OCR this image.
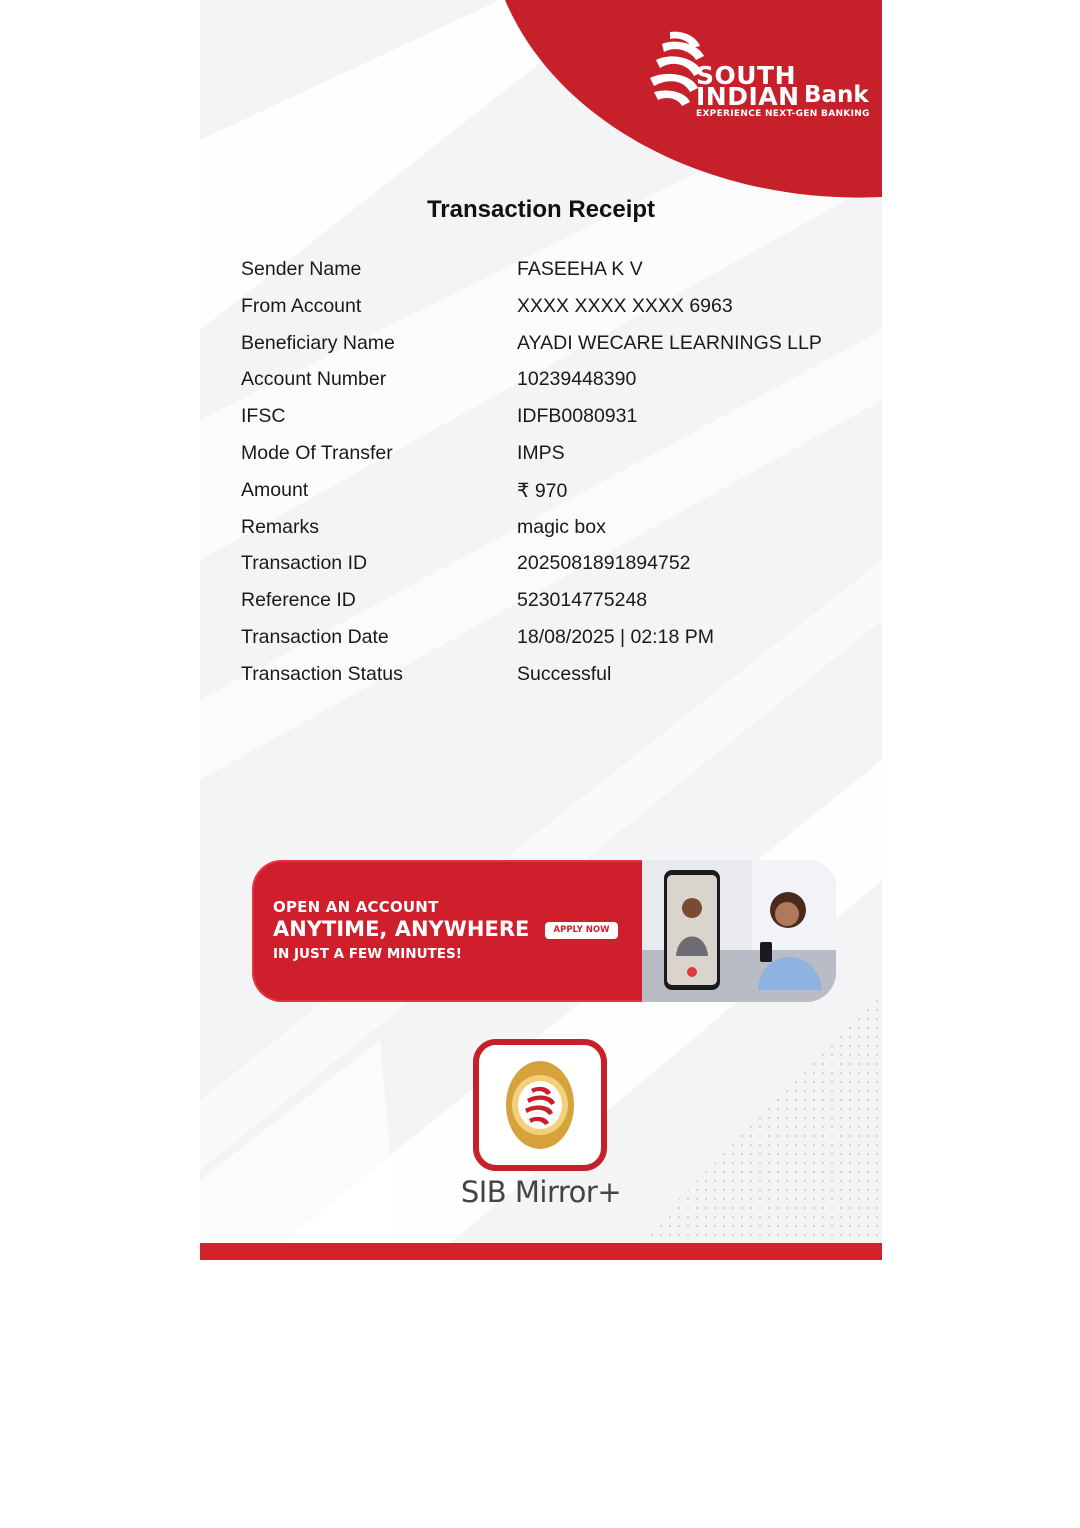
SOUTH
INDIAN Bank
EXPERIENCE NEXT-GEN BANKING
Transaction Receipt
Sender Name	FASEEHA K V
From Account	XXXX XXXX XXXX 6963
Beneficiary Name	AYADI WECARE LEARNINGS LLP
Account Number	10239448390
IFSC	IDFB0080931
Mode Of Transfer	IMPS
Amount	₹ 970
Remarks	magic box
Transaction ID	2025081891894752
Reference ID	523014775248
Transaction Date	18/08/2025 | 02:18 PM
Transaction Status	Successful
OPEN AN ACCOUNT
ANYTIME, ANYWHERE
IN JUST A FEW MINUTES!
APPLY NOW
SIB Mirror+
